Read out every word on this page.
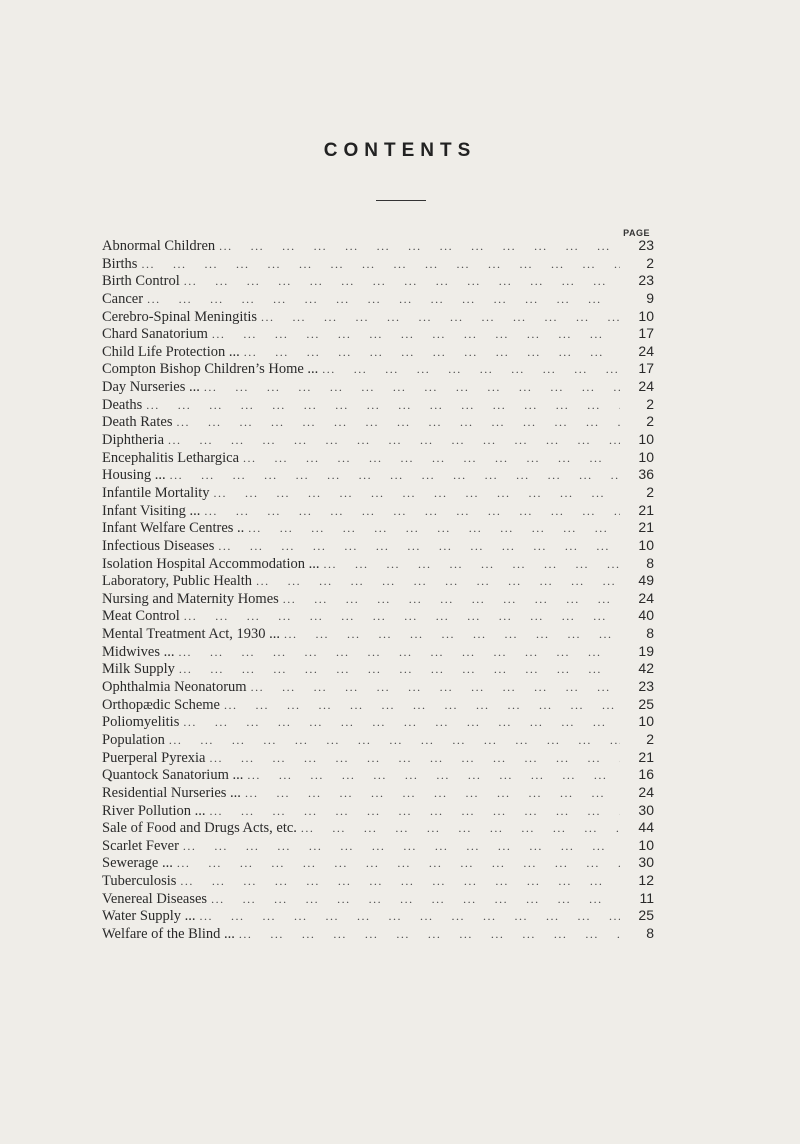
CONTENTS
PAGE
Abnormal Children ...	23
Births ...	2
Birth Control ...	23
Cancer ...	9
Cerebro-Spinal Meningitis ...	10
Chard Sanatorium ...	17
Child Life Protection ... ...	24
Compton Bishop Children’s Home ... ...	17
Day Nurseries ... ...	24
Deaths ...	2
Death Rates ...	2
Diphtheria ...	10
Encephalitis Lethargica ...	10
Housing ... ...	36
Infantile Mortality ...	2
Infant Visiting ... ...	21
Infant Welfare Centres .. ...	21
Infectious Diseases ...	10
Isolation Hospital Accommodation ... ...	8
Laboratory, Public Health ...	49
Nursing and Maternity Homes ...	24
Meat Control ...	40
Mental Treatment Act, 1930 ... ...	8
Midwives ... ...	19
Milk Supply ...	42
Ophthalmia Neonatorum ...	23
Orthopædic Scheme ...	25
Poliomyelitis ...	10
Population ...	2
Puerperal Pyrexia ...	21
Quantock Sanatorium ... ...	16
Residential Nurseries ... ...	24
River Pollution ... ...	30
Sale of Food and Drugs Acts, etc. ...	44
Scarlet Fever ...	10
Sewerage ... ...	30
Tuberculosis ...	12
Venereal Diseases ...	11
Water Supply ... ...	25
Welfare of the Blind ... ...	8
